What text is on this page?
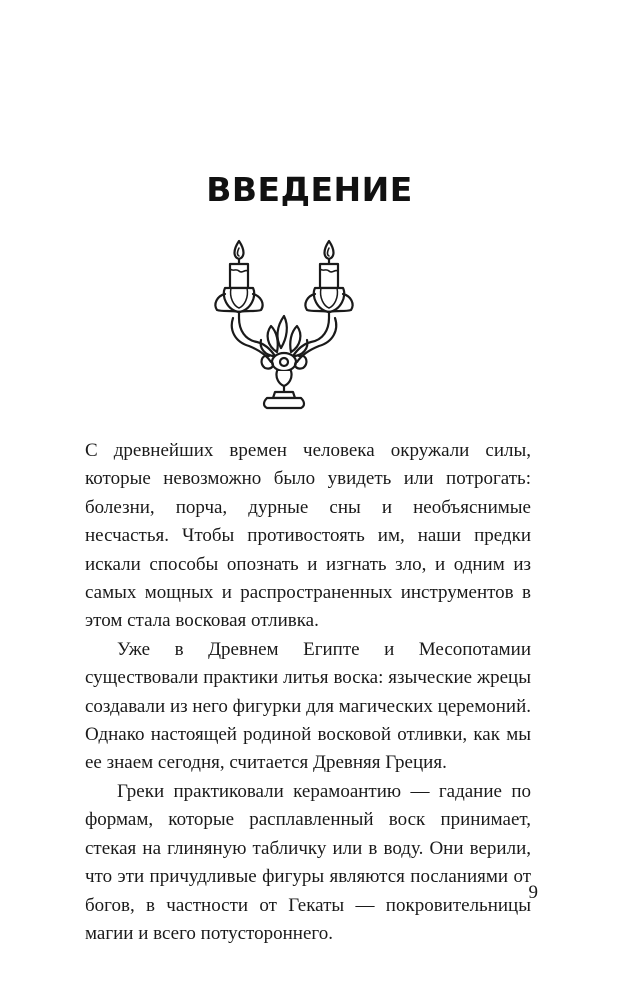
ВВЕДЕНИЕ

С древнейших времен человека окружали силы, которые невозможно было увидеть или потрогать: болезни, порча, дурные сны и необъяснимые несчастья. Чтобы противостоять им, наши предки искали способы опознать и изгнать зло, и одним из самых мощных и распространенных инструментов в этом стала восковая отливка.

Уже в Древнем Египте и Месопотамии существовали практики литья воска: языческие жрецы создавали из него фигурки для магических церемоний. Однако настоящей родиной восковой отливки, как мы ее знаем сегодня, считается Древняя Греция.

Греки практиковали керамоантию — гадание по формам, которые расплавленный воск принимает, стекая на глиняную табличку или в воду. Они верили, что эти причудливые фигуры являются посланиями от богов, в частности от Гекаты — покровительницы магии и всего потустороннего.

9
